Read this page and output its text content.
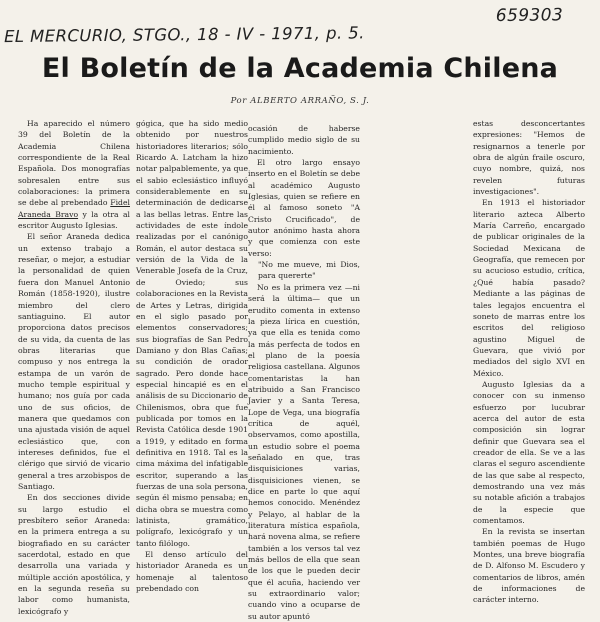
EL MERCURIO, STGO., 18 - IV - 1971, p. 5.
659303
El Boletín de la Academia Chilena
Por ALBERTO ARRAÑO, S. J.

Ha aparecido el número 39 del Boletín de la Academia Chilena correspondiente de la Real Española. Dos monografías sobresalen entre sus colaboraciones: la primera se debe al prebendado Fidel Araneda Bravo y la otra al escritor Augusto Iglesias.

El señor Araneda dedica un extenso trabajo a reseñar, o mejor, a estudiar la personalidad de quien fuera don Manuel Antonio Román (1858-1920), ilustre miembro del clero santiaguino. El autor proporciona datos precisos de su vida, da cuenta de las obras literarias que compuso y nos entrega la estampa de un varón de mucho temple espiritual y humano; nos guía por cada uno de sus oficios, de manera que quedamos con una ajustada visión de aquel eclesiástico que, con intereses definidos, fue el clérigo que sirvió de vicario general a tres arzobispos de Santiago.

En dos secciones divide su largo estudio el presbítero señor Araneda: en la primera entrega a su biografiado en su carácter sacerdotal, estado en que desarrolla una variada y múltiple acción apostólica, y en la segunda reseña su labor como humanista, lexicógrafo y

gógica, que ha sido medio obtenido por nuestros historiadores literarios; sólo Ricardo A. Latcham la hizo notar palpablemente, ya que el sabio eclesiástico influyó considerablemente en su determinación de dedicarse a las bellas letras. Entre las actividades de este índole realizadas por el canónigo Román, el autor destaca su versión de la Vida de la Venerable Josefa de la Cruz, de Oviedo; sus colaboraciones en la Revista de Artes y Letras, dirigida en el siglo pasado por elementos conservadores; sus biografías de San Pedro Damiano y don Blas Cañas; su condición de orador sagrado. Pero donde hace especial hincapié es en el análisis de su Diccionario de Chilenismos, obra que fue publicada por tomos en la Revista Católica desde 1901 a 1919, y editado en forma definitiva en 1918. Tal es la cima máxima del infatigable escritor, superando a las fuerzas de una sola persona, según él mismo pensaba; en dicha obra se muestra como latinista, gramático, polígrafo, lexicógrafo y un tanto filólogo.

El denso artículo del historiador Araneda es un homenaje al talentoso prebendado con

ocasión de haberse cumplido medio siglo de su nacimiento.

El otro largo ensayo inserto en el Boletín se debe al académico Augusto Iglesias, quien se refiere en él al famoso soneto "A Cristo Crucificado", de autor anónimo hasta ahora y que comienza con este verso:

"No me mueve, mi Dios, para quererte"

No es la primera vez —ni será la última— que un erudito comenta in extenso la pieza lírica en cuestión, ya que ella es tenida como la más perfecta de todos en el plano de la poesía religiosa castellana. Algunos comentaristas la han atribuido a San Francisco Javier y a Santa Teresa, Lope de Vega, una biografía crítica de aquél, observamos, como apostilla, un estudio sobre el poema señalado en que, tras disquisiciones varias, disquisiciones vienen, se dice en parte lo que aquí hemos conocido. Menéndez y Pelayo, al hablar de la literatura mística española, hará novena alma, se refiere también a los versos tal vez más bellos de ella que sean de los que le pueden decir que él acuña, haciendo ver su extraordinario valor; cuando vino a ocuparse de su autor apuntó

estas desconcertantes expresiones: "Hemos de resignarnos a tenerle por obra de algún fraile oscuro, cuyo nombre, quizá, nos revelen futuras investigaciones".

En 1913 el historiador literario azteca Alberto María Carreño, encargado de publicar originales de la Sociedad Mexicana de Geografía, que remecen por su acucioso estudio, crítica, ¿Qué había pasado? Mediante a las páginas de tales legajos encuentra el soneto de marras entre los escritos del religioso agustino Miguel de Guevara, que vivió por mediados del siglo XVI en México.

Augusto Iglesias da a conocer con su inmenso esfuerzo por lucubrar acerca del autor de esta composición sin lograr definir que Guevara sea el creador de ella. Se ve a las claras el seguro ascendiente de las que sabe al respecto, demostrando una vez más su notable afición a trabajos de la especie que comentamos.

En la revista se insertan también poemas de Hugo Montes, una breve biografía de D. Alfonso M. Escudero y comentarios de libros, amén de informaciones de carácter interno.
